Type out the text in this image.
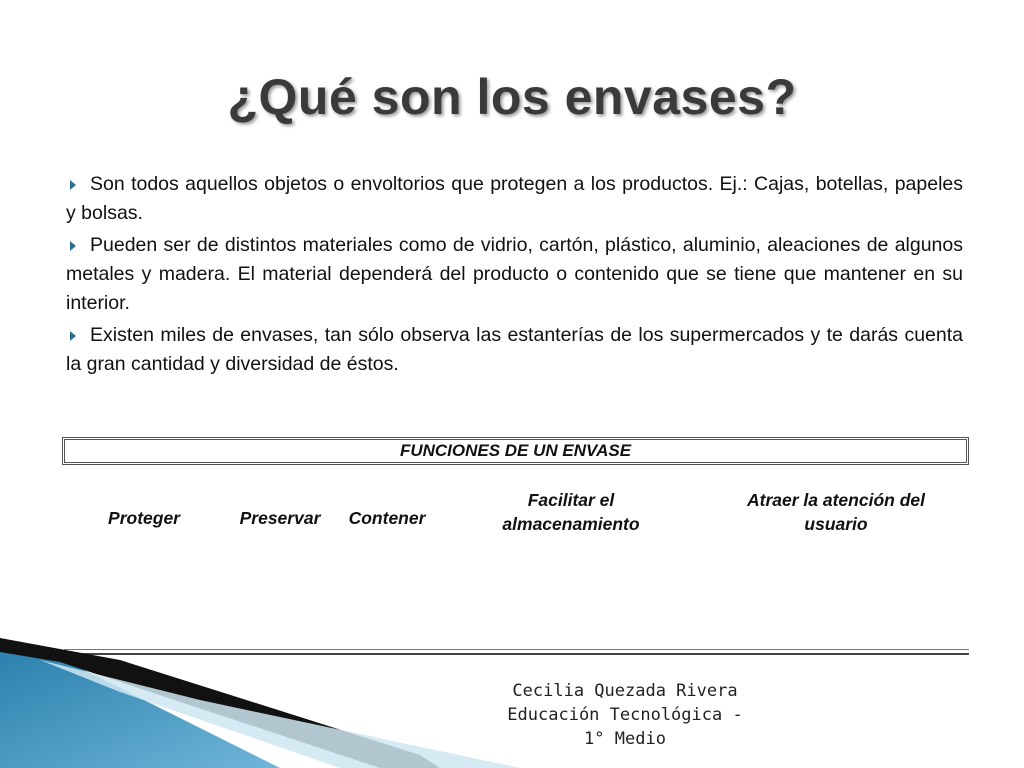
¿Qué son los envases?
Son todos aquellos objetos o envoltorios que protegen a los productos. Ej.: Cajas, botellas, papeles y bolsas.
Pueden ser de distintos materiales como de vidrio, cartón, plástico, aluminio, aleaciones de algunos metales y madera. El material dependerá del producto o contenido que se tiene que mantener en su interior.
Existen miles de envases, tan sólo observa las estanterías de los supermercados y te darás cuenta la gran cantidad y diversidad de éstos.
FUNCIONES DE UN ENVASE
Proteger	Preservar	Contener
Facilitar el almacenamiento
Atraer la atención del usuario
Cecilia Quezada Rivera
Educación Tecnológica -
1° Medio
